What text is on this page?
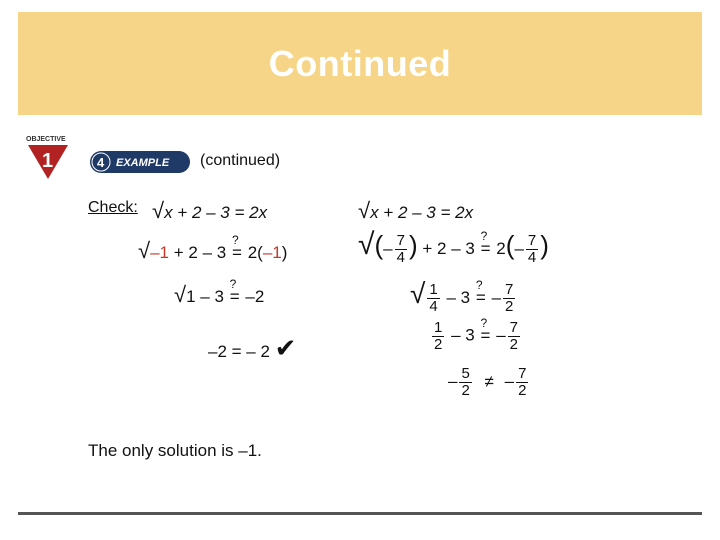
Continued
OBJECTIVE
1	4 EXAMPLE (continued)
Check: √x + 2 – 3 = 2x
√–1 + 2 – 3
?
= 2(–1)
√1 – 3
?
= –2
–2 = – 2 ✔
√x + 2 – 3 = 2x
√(– $\frac{7}{4}$ ) + 2 – 3
?
= $2(- \frac{7}{4}$ )
√ $\frac{1}{4} - 3$
?
= – $\frac{7}{2}$
$\frac{1}{2} - 3$
?
= – $\frac{7}{2}$
– $\frac{5}{2}$ ≠ – $\frac{7}{2}$
The only solution is –1.
